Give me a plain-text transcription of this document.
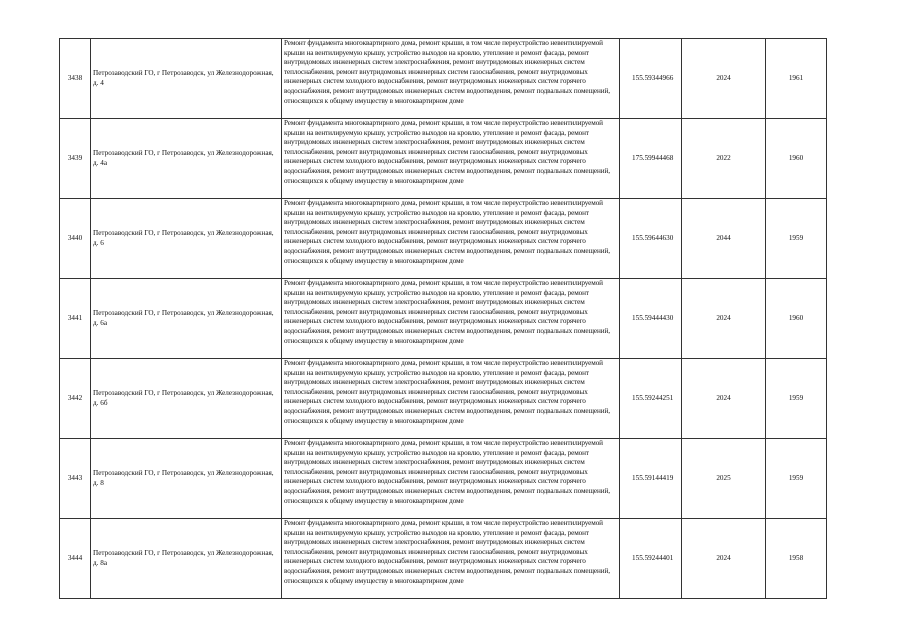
3438	Петрозаводский ГО, г Петрозаводск, ул Железнодорожная, д. 4	Ремонт фундамента многоквартирного дома, ремонт крыши, в том числе переустройство невентилируемой крыши на вентилируемую крышу, устройство выходов на кровлю, утепление и ремонт фасада, ремонт внутридомовых инженерных систем электроснабжения, ремонт внутридомовых инженерных систем теплоснабжения, ремонт внутридомовых инженерных систем газоснабжения, ремонт внутридомовых инженерных систем холодного водоснабжения, ремонт внутридомовых инженерных систем горячего водоснабжения, ремонт внутридомовых инженерных систем водоотведения, ремонт подвальных помещений, относящихся к общему имуществу в многоквартирном доме	155.59344966	2024	1961
3439	Петрозаводский ГО, г Петрозаводск, ул Железнодорожная, д. 4а	Ремонт фундамента многоквартирного дома, ремонт крыши, в том числе переустройство невентилируемой крыши на вентилируемую крышу, устройство выходов на кровлю, утепление и ремонт фасада, ремонт внутридомовых инженерных систем электроснабжения, ремонт внутридомовых инженерных систем теплоснабжения, ремонт внутридомовых инженерных систем газоснабжения, ремонт внутридомовых инженерных систем холодного водоснабжения, ремонт внутридомовых инженерных систем горячего водоснабжения, ремонт внутридомовых инженерных систем водоотведения, ремонт подвальных помещений, относящихся к общему имуществу в многоквартирном доме	175.59944468	2022	1960
3440	Петрозаводский ГО, г Петрозаводск, ул Железнодорожная, д. 6	Ремонт фундамента многоквартирного дома, ремонт крыши, в том числе переустройство невентилируемой крыши на вентилируемую крышу, устройство выходов на кровлю, утепление и ремонт фасада, ремонт внутридомовых инженерных систем электроснабжения, ремонт внутридомовых инженерных систем теплоснабжения, ремонт внутридомовых инженерных систем газоснабжения, ремонт внутридомовых инженерных систем холодного водоснабжения, ремонт внутридомовых инженерных систем горячего водоснабжения, ремонт внутридомовых инженерных систем водоотведения, ремонт подвальных помещений, относящихся к общему имуществу в многоквартирном доме	155.59644630	2044	1959
3441	Петрозаводский ГО, г Петрозаводск, ул Железнодорожная, д. 6а	Ремонт фундамента многоквартирного дома, ремонт крыши, в том числе переустройство невентилируемой крыши на вентилируемую крышу, устройство выходов на кровлю, утепление и ремонт фасада, ремонт внутридомовых инженерных систем электроснабжения, ремонт внутридомовых инженерных систем теплоснабжения, ремонт внутридомовых инженерных систем газоснабжения, ремонт внутридомовых инженерных систем холодного водоснабжения, ремонт внутридомовых инженерных систем горячего водоснабжения, ремонт внутридомовых инженерных систем водоотведения, ремонт подвальных помещений, относящихся к общему имуществу в многоквартирном доме	155.59444430	2024	1960
3442	Петрозаводский ГО, г Петрозаводск, ул Железнодорожная, д. 6б	Ремонт фундамента многоквартирного дома, ремонт крыши, в том числе переустройство невентилируемой крыши на вентилируемую крышу, устройство выходов на кровлю, утепление и ремонт фасада, ремонт внутридомовых инженерных систем электроснабжения, ремонт внутридомовых инженерных систем теплоснабжения, ремонт внутридомовых инженерных систем газоснабжения, ремонт внутридомовых инженерных систем холодного водоснабжения, ремонт внутридомовых инженерных систем горячего водоснабжения, ремонт внутридомовых инженерных систем водоотведения, ремонт подвальных помещений, относящихся к общему имуществу в многоквартирном доме	155.59244251	2024	1959
3443	Петрозаводский ГО, г Петрозаводск, ул Железнодорожная, д. 8	Ремонт фундамента многоквартирного дома, ремонт крыши, в том числе переустройство невентилируемой крыши на вентилируемую крышу, устройство выходов на кровлю, утепление и ремонт фасада, ремонт внутридомовых инженерных систем электроснабжения, ремонт внутридомовых инженерных систем теплоснабжения, ремонт внутридомовых инженерных систем газоснабжения, ремонт внутридомовых инженерных систем холодного водоснабжения, ремонт внутридомовых инженерных систем горячего водоснабжения, ремонт внутридомовых инженерных систем водоотведения, ремонт подвальных помещений, относящихся к общему имуществу в многоквартирном доме	155.59144419	2025	1959
3444	Петрозаводский ГО, г Петрозаводск, ул Железнодорожная, д. 8а	Ремонт фундамента многоквартирного дома, ремонт крыши, в том числе переустройство невентилируемой крыши на вентилируемую крышу, устройство выходов на кровлю, утепление и ремонт фасада, ремонт внутридомовых инженерных систем электроснабжения, ремонт внутридомовых инженерных систем теплоснабжения, ремонт внутридомовых инженерных систем газоснабжения, ремонт внутридомовых инженерных систем холодного водоснабжения, ремонт внутридомовых инженерных систем горячего водоснабжения, ремонт внутридомовых инженерных систем водоотведения, ремонт подвальных помещений, относящихся к общему имуществу в многоквартирном доме	155.59244401	2024	1958
